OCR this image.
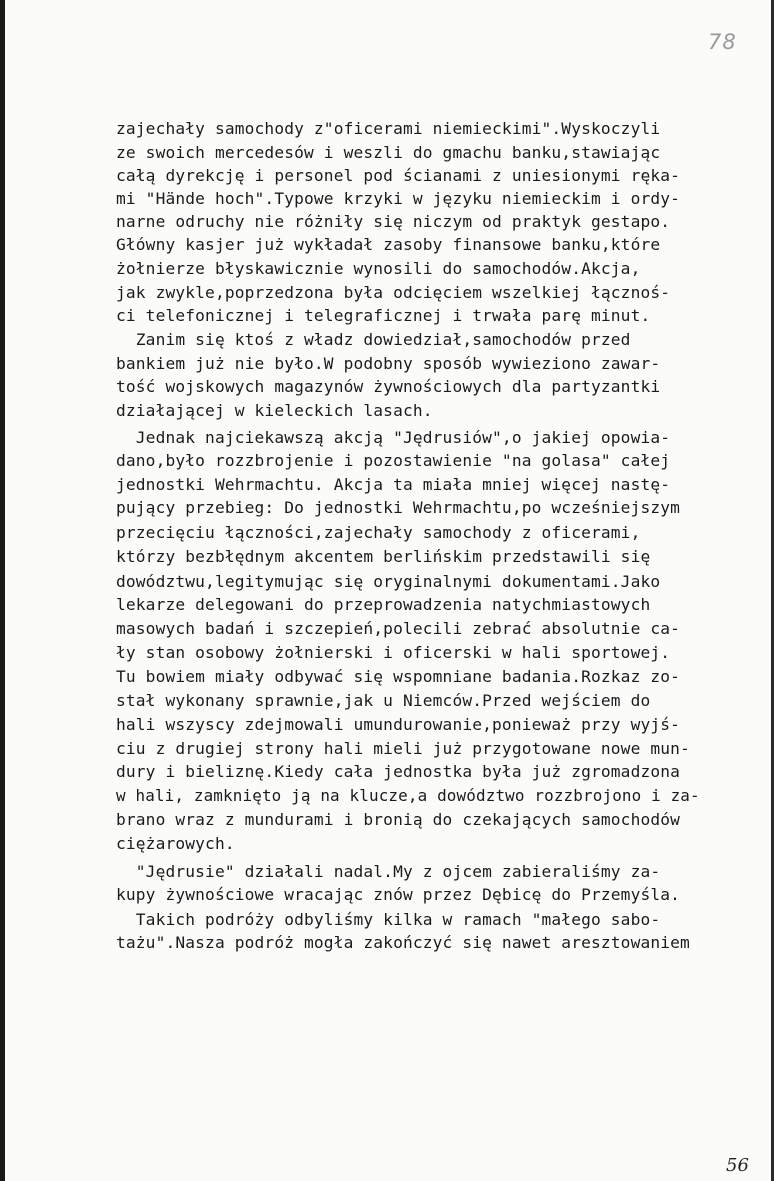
78
zajechały samochody z"oficerami niemieckimi".Wyskoczyli
ze swoich mercedesów i weszli do gmachu banku,stawiając
całą dyrekcję i personel pod ścianami z uniesionymi ręka-
mi "Hände hoch".Typowe krzyki w języku niemieckim i ordy-
narne odruchy nie różniły się niczym od praktyk gestapo.
Główny kasjer już wykładał zasoby finansowe banku,które
żołnierze błyskawicznie wynosili do samochodów.Akcja,
jak zwykle,poprzedzona była odcięciem wszelkiej łącznoś-
ci telefonicznej i telegraficznej i trwała parę minut.
Zanim się ktoś z władz dowiedział,samochodów przed
bankiem już nie było.W podobny sposób wywieziono zawar-
tość wojskowych magazynów żywnościowych dla partyzantki
działającej w kieleckich lasach.
Jednak najciekawszą akcją "Jędrusiów",o jakiej opowia-
dano,było rozzbrojenie i pozostawienie "na golasa" całej
jednostki Wehrmachtu. Akcja ta miała mniej więcej nastę-
pujący przebieg: Do jednostki Wehrmachtu,po wcześniejszym
przecięciu łączności,zajechały samochody z oficerami,
którzy bezbłędnym akcentem berlińskim przedstawili się
dowództwu,legitymując się oryginalnymi dokumentami.Jako
lekarze delegowani do przeprowadzenia natychmiastowych
masowych badań i szczepień,polecili zebrać absolutnie ca-
ły stan osobowy żołnierski i oficerski w hali sportowej.
Tu bowiem miały odbywać się wspomniane badania.Rozkaz zo-
stał wykonany sprawnie,jak u Niemców.Przed wejściem do
hali wszyscy zdejmowali umundurowanie,ponieważ przy wyjś-
ciu z drugiej strony hali mieli już przygotowane nowe mun-
dury i bieliznę.Kiedy cała jednostka była już zgromadzona
w hali, zamknięto ją na klucze,a dowództwo rozzbrojono i za-
brano wraz z mundurami i bronią do czekających samochodów
ciężarowych.
"Jędrusie" działali nadal.My z ojcem zabieraliśmy za-
kupy żywnościowe wracając znów przez Dębicę do Przemyśla.
Takich podróży odbyliśmy kilka w ramach "małego sabo-
tażu".Nasza podróż mogła zakończyć się nawet aresztowaniem
56
